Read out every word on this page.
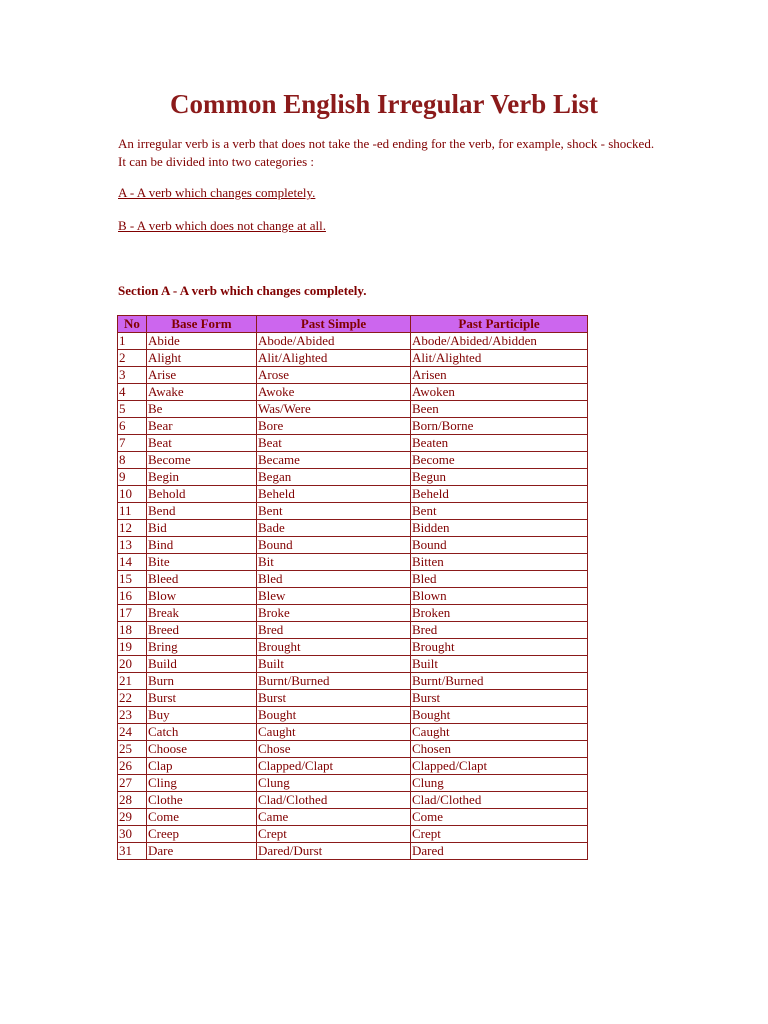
Common English Irregular Verb List

An irregular verb is a verb that does not take the -ed ending for the verb, for example, shock - shocked. It can be divided into two categories :

A - A verb which changes completely.

B - A verb which does not change at all.

Section A - A verb which changes completely.

No	Base Form	Past Simple	Past Participle
1	Abide	Abode/Abided	Abode/Abided/Abidden
2	Alight	Alit/Alighted	Alit/Alighted
3	Arise	Arose	Arisen
4	Awake	Awoke	Awoken
5	Be	Was/Were	Been
6	Bear	Bore	Born/Borne
7	Beat	Beat	Beaten
8	Become	Became	Become
9	Begin	Began	Begun
10	Behold	Beheld	Beheld
11	Bend	Bent	Bent
12	Bid	Bade	Bidden
13	Bind	Bound	Bound
14	Bite	Bit	Bitten
15	Bleed	Bled	Bled
16	Blow	Blew	Blown
17	Break	Broke	Broken
18	Breed	Bred	Bred
19	Bring	Brought	Brought
20	Build	Built	Built
21	Burn	Burnt/Burned	Burnt/Burned
22	Burst	Burst	Burst
23	Buy	Bought	Bought
24	Catch	Caught	Caught
25	Choose	Chose	Chosen
26	Clap	Clapped/Clapt	Clapped/Clapt
27	Cling	Clung	Clung
28	Clothe	Clad/Clothed	Clad/Clothed
29	Come	Came	Come
30	Creep	Crept	Crept
31	Dare	Dared/Durst	Dared
